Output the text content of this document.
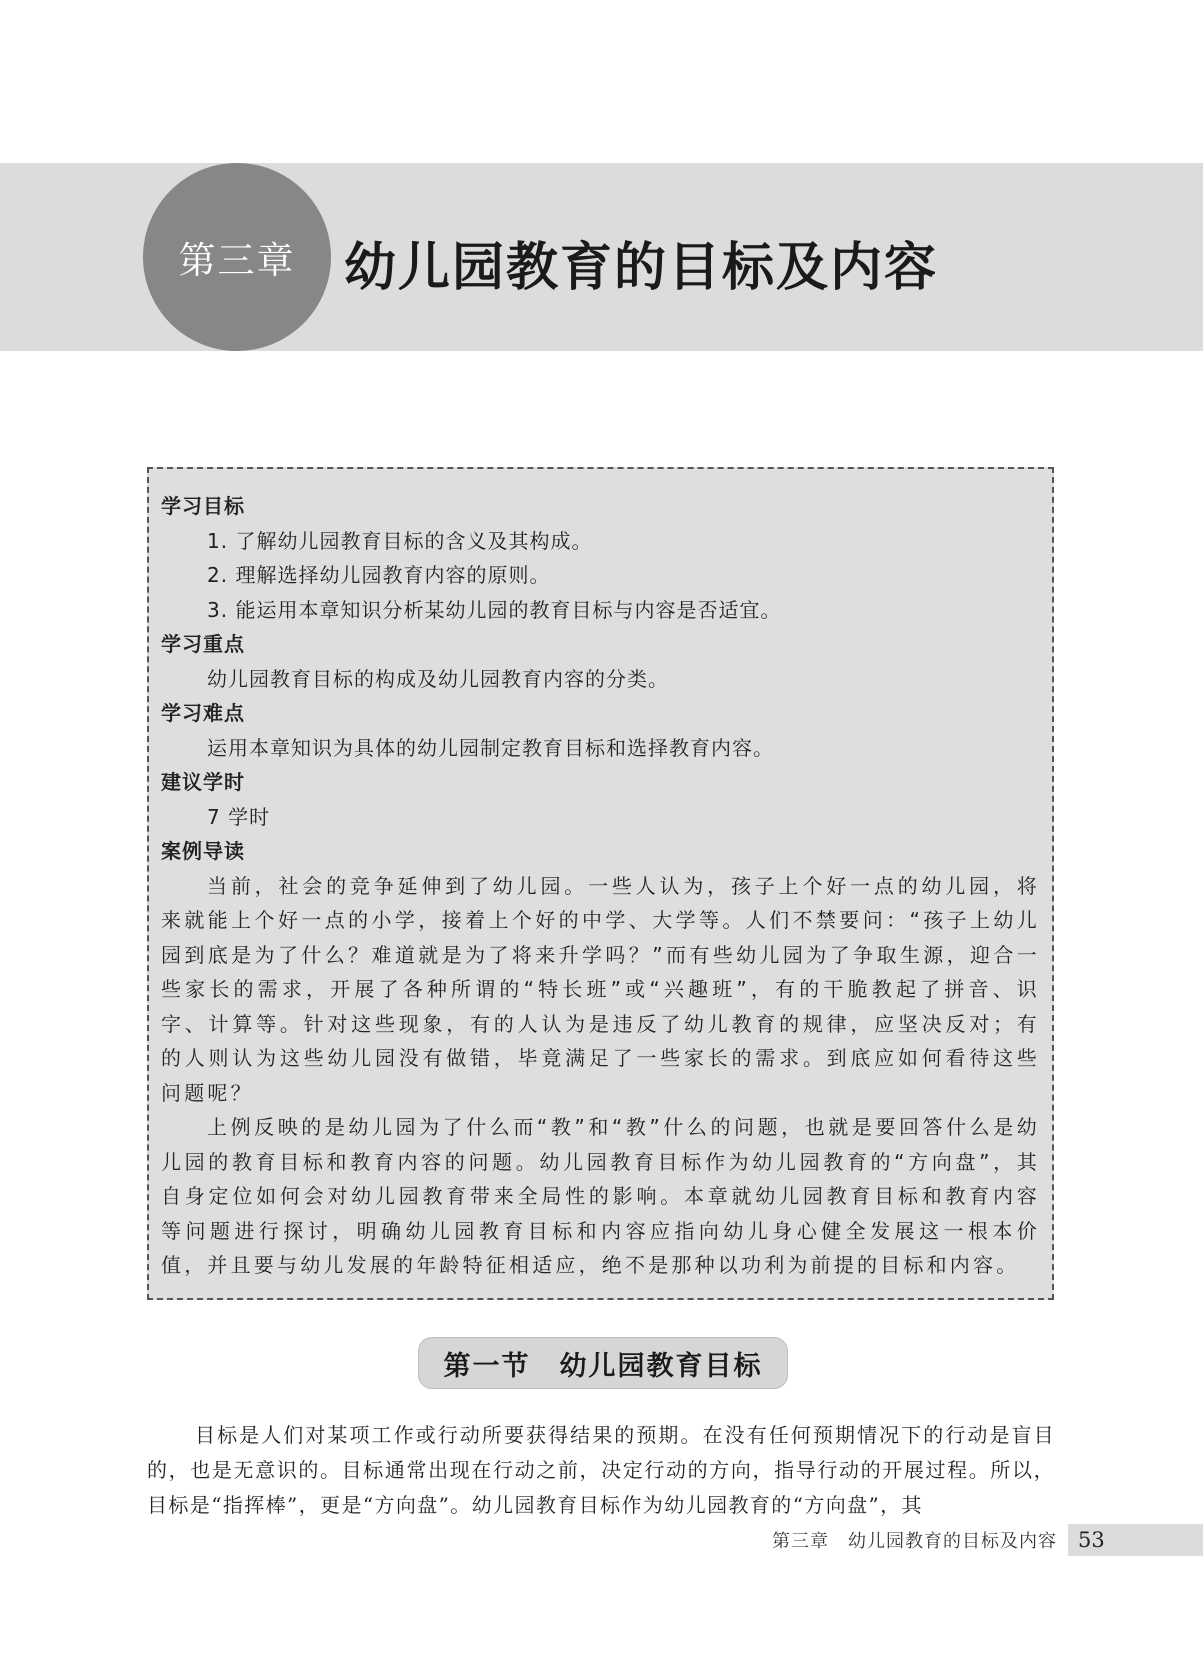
第三章 幼儿园教育的目标及内容
学习目标
1. 了解幼儿园教育目标的含义及其构成。
2. 理解选择幼儿园教育内容的原则。
3. 能运用本章知识分析某幼儿园的教育目标与内容是否适宜。
学习重点
幼儿园教育目标的构成及幼儿园教育内容的分类。
学习难点
运用本章知识为具体的幼儿园制定教育目标和选择教育内容。
建议学时
7 学时
案例导读
当前，社会的竞争延伸到了幼儿园。一些人认为，孩子上个好一点的幼儿园，将来就能上个好一点的小学，接着上个好的中学、大学等。人们不禁要问：“孩子上幼儿园到底是为了什么？难道就是为了将来升学吗？”而有些幼儿园为了争取生源，迎合一些家长的需求，开展了各种所谓的“特长班”或“兴趣班”，有的干脆教起了拼音、识字、计算等。针对这些现象，有的人认为是违反了幼儿教育的规律，应坚决反对；有的人则认为这些幼儿园没有做错，毕竟满足了一些家长的需求。到底应如何看待这些问题呢？
上例反映的是幼儿园为了什么而“教”和“教”什么的问题，也就是要回答什么是幼儿园的教育目标和教育内容的问题。幼儿园教育目标作为幼儿园教育的“方向盘”，其自身定位如何会对幼儿园教育带来全局性的影响。本章就幼儿园教育目标和教育内容等问题进行探讨，明确幼儿园教育目标和内容应指向幼儿身心健全发展这一根本价值，并且要与幼儿发展的年龄特征相适应，绝不是那种以功利为前提的目标和内容。
第一节　幼儿园教育目标

目标是人们对某项工作或行动所要获得结果的预期。在没有任何预期情况下的行动是盲目的，也是无意识的。目标通常出现在行动之前，决定行动的方向，指导行动的开展过程。所以，目标是“指挥棒”，更是“方向盘”。幼儿园教育目标作为幼儿园教育的“方向盘”，其

第三章　幼儿园教育的目标及内容 53
